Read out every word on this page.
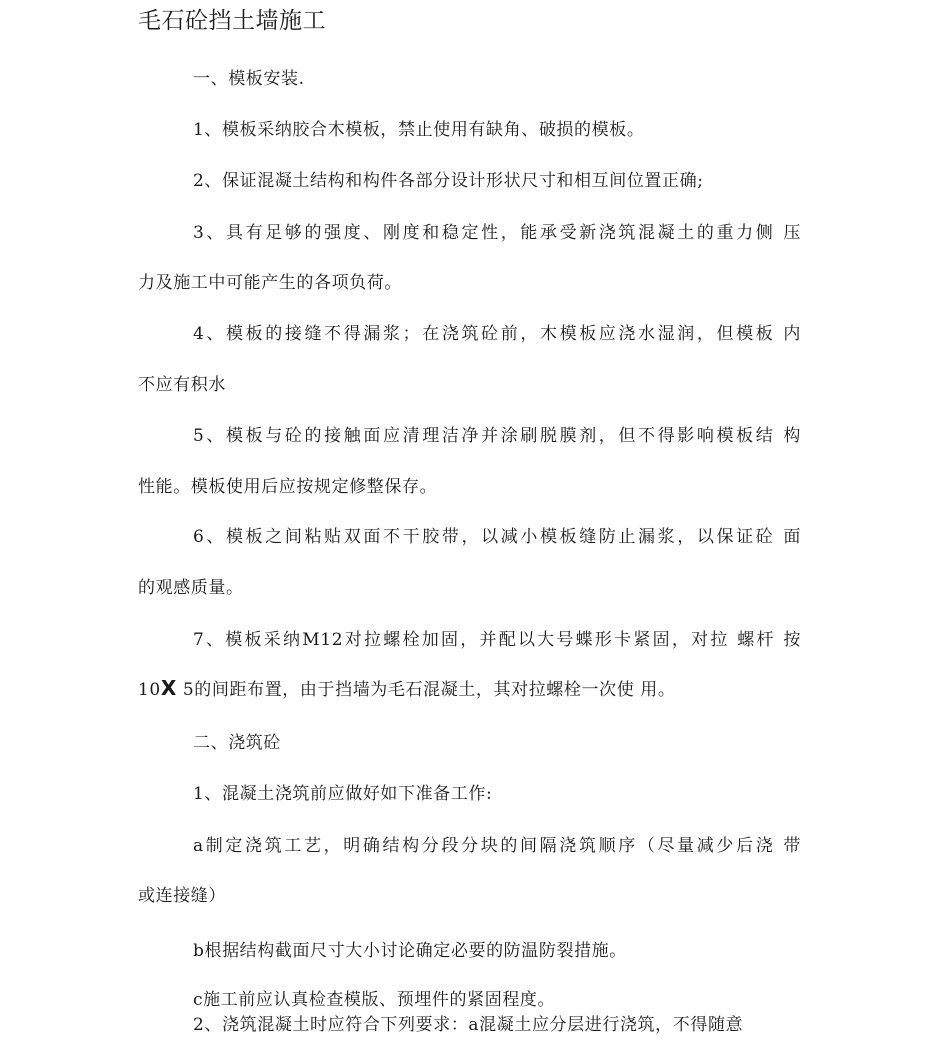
毛石砼挡土墙施工
一、模板安装.
1、模板采纳胶合木模板，禁止使用有缺角、破损的模板。
2、保证混凝土结构和构件各部分设计形状尺寸和相互间位置正确;
3、具有足够的强度、刚度和稳定性，能承受新浇筑混凝土的重力侧 压
力及施工中可能产生的各项负荷。
4、模板的接缝不得漏浆；在浇筑砼前，木模板应浇水湿润，但模板 内
不应有积水
5、模板与砼的接触面应清理洁净并涂刷脱膜剂，但不得影响模板结 构
性能。模板使用后应按规定修整保存。
6、模板之间粘贴双面不干胶带，以减小模板缝防止漏浆，以保证砼 面
的观感质量。
7、模板采纳M12对拉螺栓加固，并配以大号蝶形卡紧固，对拉 螺杆 按
10X 5的间距布置，由于挡墙为毛石混凝土，其对拉螺栓一次使 用。
二、浇筑砼
1、混凝土浇筑前应做好如下准备工作:
a制定浇筑工艺，明确结构分段分块的间隔浇筑顺序（尽量减少后浇 带
或连接缝）
b根据结构截面尺寸大小讨论确定必要的防温防裂措施。
c施工前应认真检查模版、预埋件的紧固程度。
2、浇筑混凝土时应符合下列要求：a混凝土应分层进行浇筑，不得随意
